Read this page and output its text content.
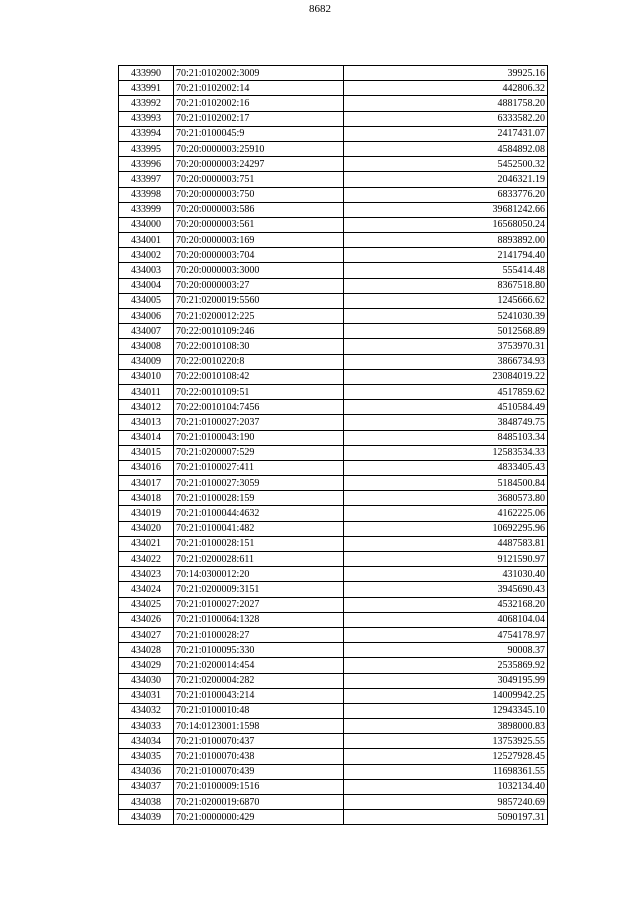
8682
433990	70:21:0102002:3009	39925.16
433991	70:21:0102002:14	442806.32
433992	70:21:0102002:16	4881758.20
433993	70:21:0102002:17	6333582.20
433994	70:21:0100045:9	2417431.07
433995	70:20:0000003:25910	4584892.08
433996	70:20:0000003:24297	5452500.32
433997	70:20:0000003:751	2046321.19
433998	70:20:0000003:750	6833776.20
433999	70:20:0000003:586	39681242.66
434000	70:20:0000003:561	16568050.24
434001	70:20:0000003:169	8893892.00
434002	70:20:0000003:704	2141794.40
434003	70:20:0000003:3000	555414.48
434004	70:20:0000003:27	8367518.80
434005	70:21:0200019:5560	1245666.62
434006	70:21:0200012:225	5241030.39
434007	70:22:0010109:246	5012568.89
434008	70:22:0010108:30	3753970.31
434009	70:22:0010220:8	3866734.93
434010	70:22:0010108:42	23084019.22
434011	70:22:0010109:51	4517859.62
434012	70:22:0010104:7456	4510584.49
434013	70:21:0100027:2037	3848749.75
434014	70:21:0100043:190	8485103.34
434015	70:21:0200007:529	12583534.33
434016	70:21:0100027:411	4833405.43
434017	70:21:0100027:3059	5184500.84
434018	70:21:0100028:159	3680573.80
434019	70:21:0100044:4632	4162225.06
434020	70:21:0100041:482	10692295.96
434021	70:21:0100028:151	4487583.81
434022	70:21:0200028:611	9121590.97
434023	70:14:0300012:20	431030.40
434024	70:21:0200009:3151	3945690.43
434025	70:21:0100027:2027	4532168.20
434026	70:21:0100064:1328	4068104.04
434027	70:21:0100028:27	4754178.97
434028	70:21:0100095:330	90008.37
434029	70:21:0200014:454	2535869.92
434030	70:21:0200004:282	3049195.99
434031	70:21:0100043:214	14009942.25
434032	70:21:0100010:48	12943345.10
434033	70:14:0123001:1598	3898000.83
434034	70:21:0100070:437	13753925.55
434035	70:21:0100070:438	12527928.45
434036	70:21:0100070:439	11698361.55
434037	70:21:0100009:1516	1032134.40
434038	70:21:0200019:6870	9857240.69
434039	70:21:0000000:429	5090197.31
